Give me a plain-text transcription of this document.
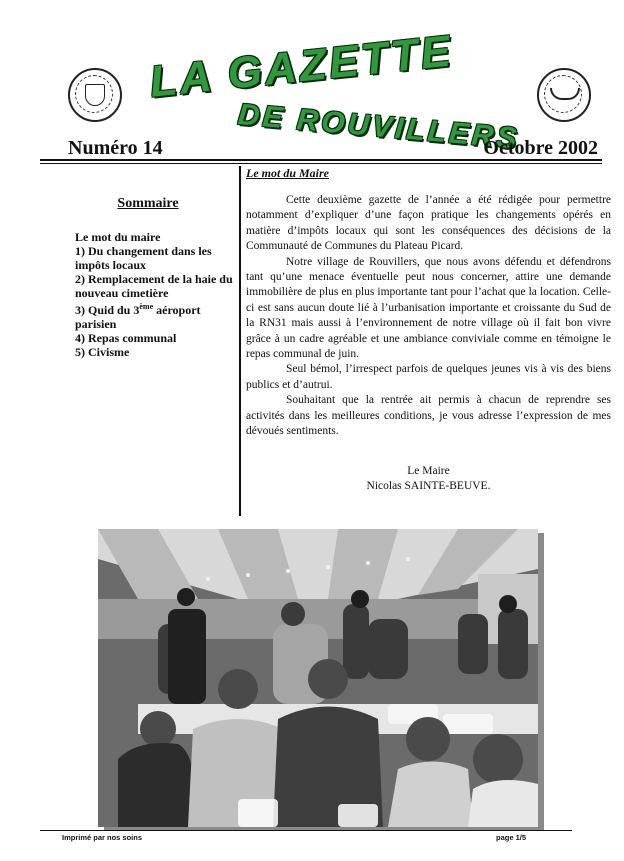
LA GAZETTE
DE ROUVILLERS
Numéro 14	Octobre 2002
Sommaire
Le mot du maire
1) Du changement dans les impôts locaux
2) Remplacement de la haie du nouveau cimetière
3) Quid du 3ème aéroport parisien
4) Repas communal
5) Civisme
Le mot du Maire

Cette deuxième gazette de l’année a été rédigée pour permettre notamment d’expliquer d’une façon pratique les changements opérés en matière d’impôts locaux qui sont les conséquences des décisions de la Communauté de Communes du Plateau Picard.

Notre village de Rouvillers, que nous avons défendu et défendrons tant qu’une menace éventuelle peut nous concerner, attire une demande immobilière de plus en plus importante tant pour l’achat que la location. Celle-ci est sans aucun doute lié à l’urbanisation importante et croissante du Sud de la RN31 mais aussi à l’environnement de notre village où il fait bon vivre grâce à un cadre agréable et une ambiance conviviale comme en témoigne le repas communal de juin.

Seul bémol, l’irrespect parfois de quelques jeunes vis à vis des biens publics et d’autrui.

Souhaitant que la rentrée ait permis à chacun de reprendre ses activités dans les meilleures conditions, je vous adresse l’expression de mes dévoués sentiments.

Le Maire
Nicolas SAINTE-BEUVE.
Imprimé par nos soins	page 1/5
